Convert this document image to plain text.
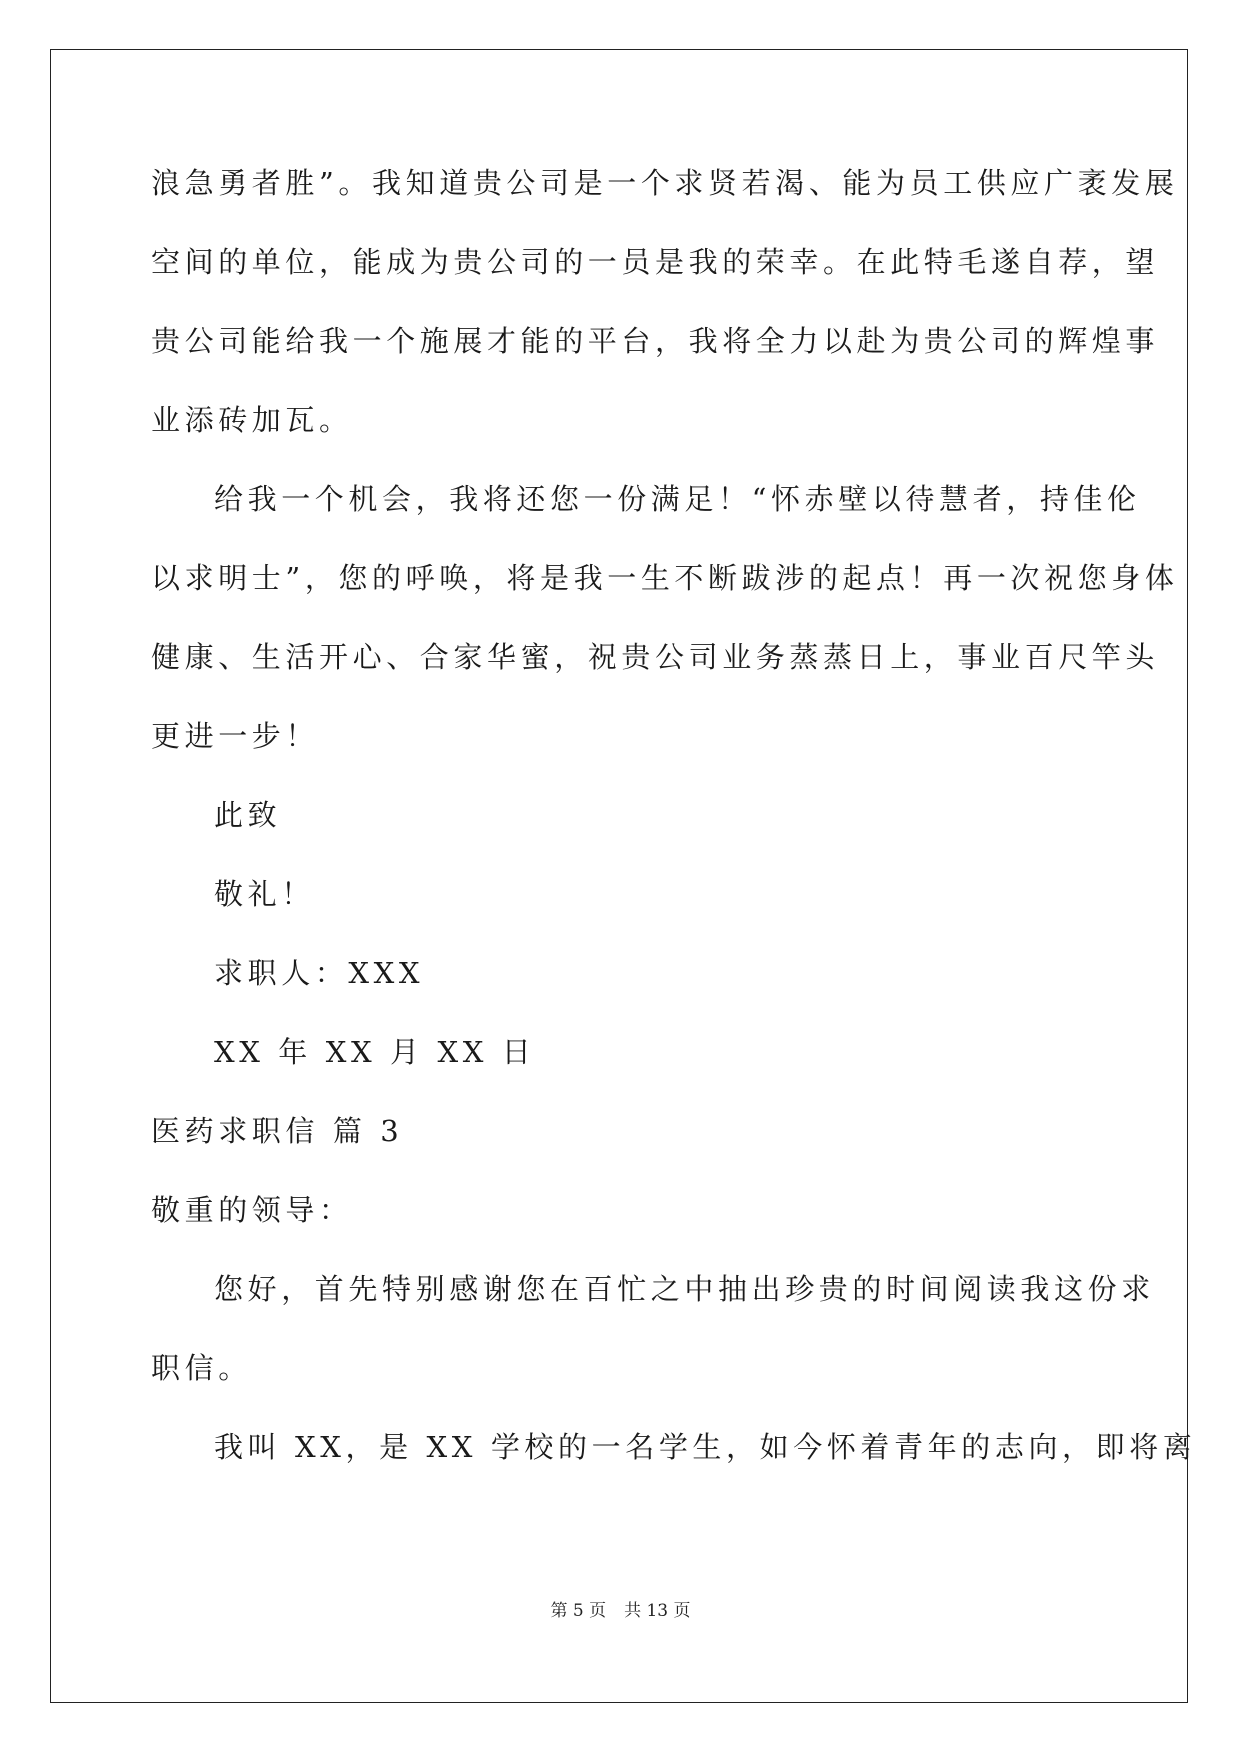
浪急勇者胜”。我知道贵公司是一个求贤若渴、能为员工供应广袤发展
空间的单位，能成为贵公司的一员是我的荣幸。在此特毛遂自荐，望
贵公司能给我一个施展才能的平台，我将全力以赴为贵公司的辉煌事
业添砖加瓦。
给我一个机会，我将还您一份满足！“怀赤壁以待慧者，持佳伦
以求明士”，您的呼唤，将是我一生不断跋涉的起点！再一次祝您身体
健康、生活开心、合家华蜜，祝贵公司业务蒸蒸日上，事业百尺竿头
更进一步！
此致
敬礼！
求职人：XXX
XX 年 XX 月 XX 日
医药求职信 篇 3
敬重的领导：
您好，首先特别感谢您在百忙之中抽出珍贵的时间阅读我这份求
职信。
我叫 XX，是 XX 学校的一名学生，如今怀着青年的志向，即将离
第 5 页 共 13 页
